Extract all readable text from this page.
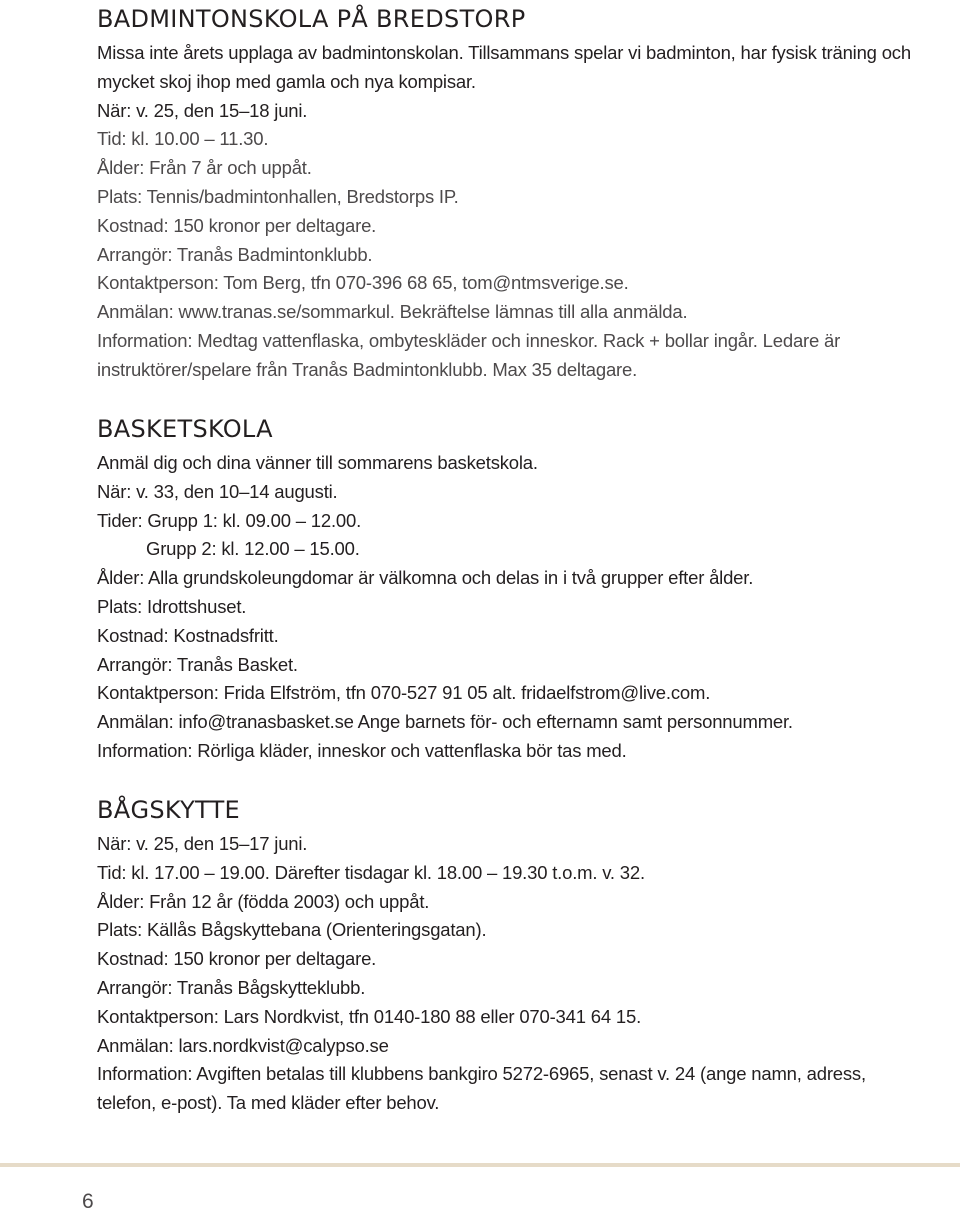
BADMINTONSKOLA PÅ BREDSTORP

Missa inte årets upplaga av badmintonskolan. Tillsammans spelar vi badminton, har fysisk träning och mycket skoj ihop med gamla och nya kompisar.

När: v. 25, den 15–18 juni.

Tid: kl. 10.00 – 11.30.

Ålder: Från 7 år och uppåt.

Plats: Tennis/badmintonhallen, Bredstorps IP.

Kostnad: 150 kronor per deltagare.

Arrangör: Tranås Badmintonklubb.

Kontaktperson: Tom Berg, tfn 070-396 68 65, tom@ntmsverige.se.

Anmälan: www.tranas.se/sommarkul. Bekräftelse lämnas till alla anmälda.

Information: Medtag vattenflaska, ombyteskläder och inneskor. Rack + bollar ingår. Ledare är instruktörer/spelare från Tranås Badmintonklubb. Max 35 deltagare.

BASKETSKOLA

Anmäl dig och dina vänner till sommarens basketskola.

När: v. 33, den 10–14 augusti.

Tider: Grupp 1: kl. 09.00 – 12.00.

Grupp 2: kl. 12.00 – 15.00.

Ålder: Alla grundskoleungdomar är välkomna och delas in i två grupper efter ålder.

Plats: Idrottshuset.

Kostnad: Kostnadsfritt.

Arrangör: Tranås Basket.

Kontaktperson: Frida Elfström, tfn 070-527 91 05 alt. fridaelfstrom@live.com.

Anmälan: info@tranasbasket.se Ange barnets för- och efternamn samt personnummer.

Information: Rörliga kläder, inneskor och vattenflaska bör tas med.

BÅGSKYTTE

När: v. 25, den 15–17 juni.

Tid: kl. 17.00 – 19.00. Därefter tisdagar kl. 18.00 – 19.30 t.o.m. v. 32.

Ålder: Från 12 år (födda 2003) och uppåt.

Plats: Källås Bågskyttebana (Orienteringsgatan).

Kostnad: 150 kronor per deltagare.

Arrangör: Tranås Bågskytteklubb.

Kontaktperson: Lars Nordkvist, tfn 0140-180 88 eller 070-341 64 15.

Anmälan: lars.nordkvist@calypso.se

Information: Avgiften betalas till klubbens bankgiro 5272-6965, senast v. 24 (ange namn, adress, telefon, e-post). Ta med kläder efter behov.

6
